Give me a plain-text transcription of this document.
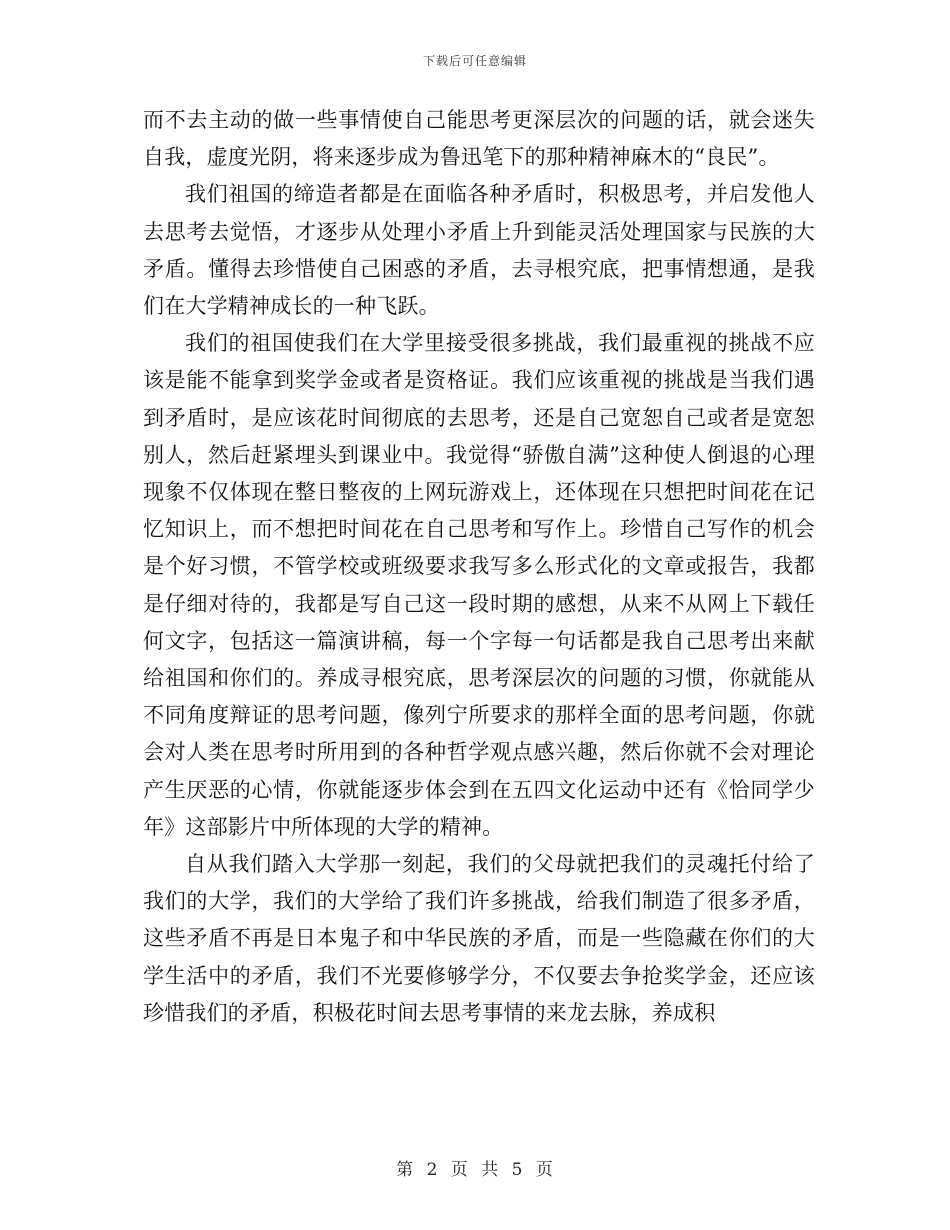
下载后可任意编辑

而不去主动的做一些事情使自己能思考更深层次的问题的话，就会迷失自我，虚度光阴，将来逐步成为鲁迅笔下的那种精神麻木的“良民”。

我们祖国的缔造者都是在面临各种矛盾时，积极思考，并启发他人去思考去觉悟，才逐步从处理小矛盾上升到能灵活处理国家与民族的大矛盾。懂得去珍惜使自己困惑的矛盾，去寻根究底，把事情想通，是我们在大学精神成长的一种飞跃。

我们的祖国使我们在大学里接受很多挑战，我们最重视的挑战不应该是能不能拿到奖学金或者是资格证。我们应该重视的挑战是当我们遇到矛盾时，是应该花时间彻底的去思考，还是自己宽恕自己或者是宽恕别人，然后赶紧埋头到课业中。我觉得“骄傲自满”这种使人倒退的心理现象不仅体现在整日整夜的上网玩游戏上，还体现在只想把时间花在记忆知识上，而不想把时间花在自己思考和写作上。珍惜自己写作的机会是个好习惯，不管学校或班级要求我写多么形式化的文章或报告，我都是仔细对待的，我都是写自己这一段时期的感想，从来不从网上下载任何文字，包括这一篇演讲稿，每一个字每一句话都是我自己思考出来献给祖国和你们的。养成寻根究底，思考深层次的问题的习惯，你就能从不同角度辩证的思考问题，像列宁所要求的那样全面的思考问题，你就会对人类在思考时所用到的各种哲学观点感兴趣，然后你就不会对理论产生厌恶的心情，你就能逐步体会到在五四文化运动中还有《恰同学少年》这部影片中所体现的大学的精神。

自从我们踏入大学那一刻起，我们的父母就把我们的灵魂托付给了我们的大学，我们的大学给了我们许多挑战，给我们制造了很多矛盾，这些矛盾不再是日本鬼子和中华民族的矛盾，而是一些隐藏在你们的大学生活中的矛盾，我们不光要修够学分，不仅要去争抢奖学金，还应该珍惜我们的矛盾，积极花时间去思考事情的来龙去脉，养成积

第 2 页 共 5 页
